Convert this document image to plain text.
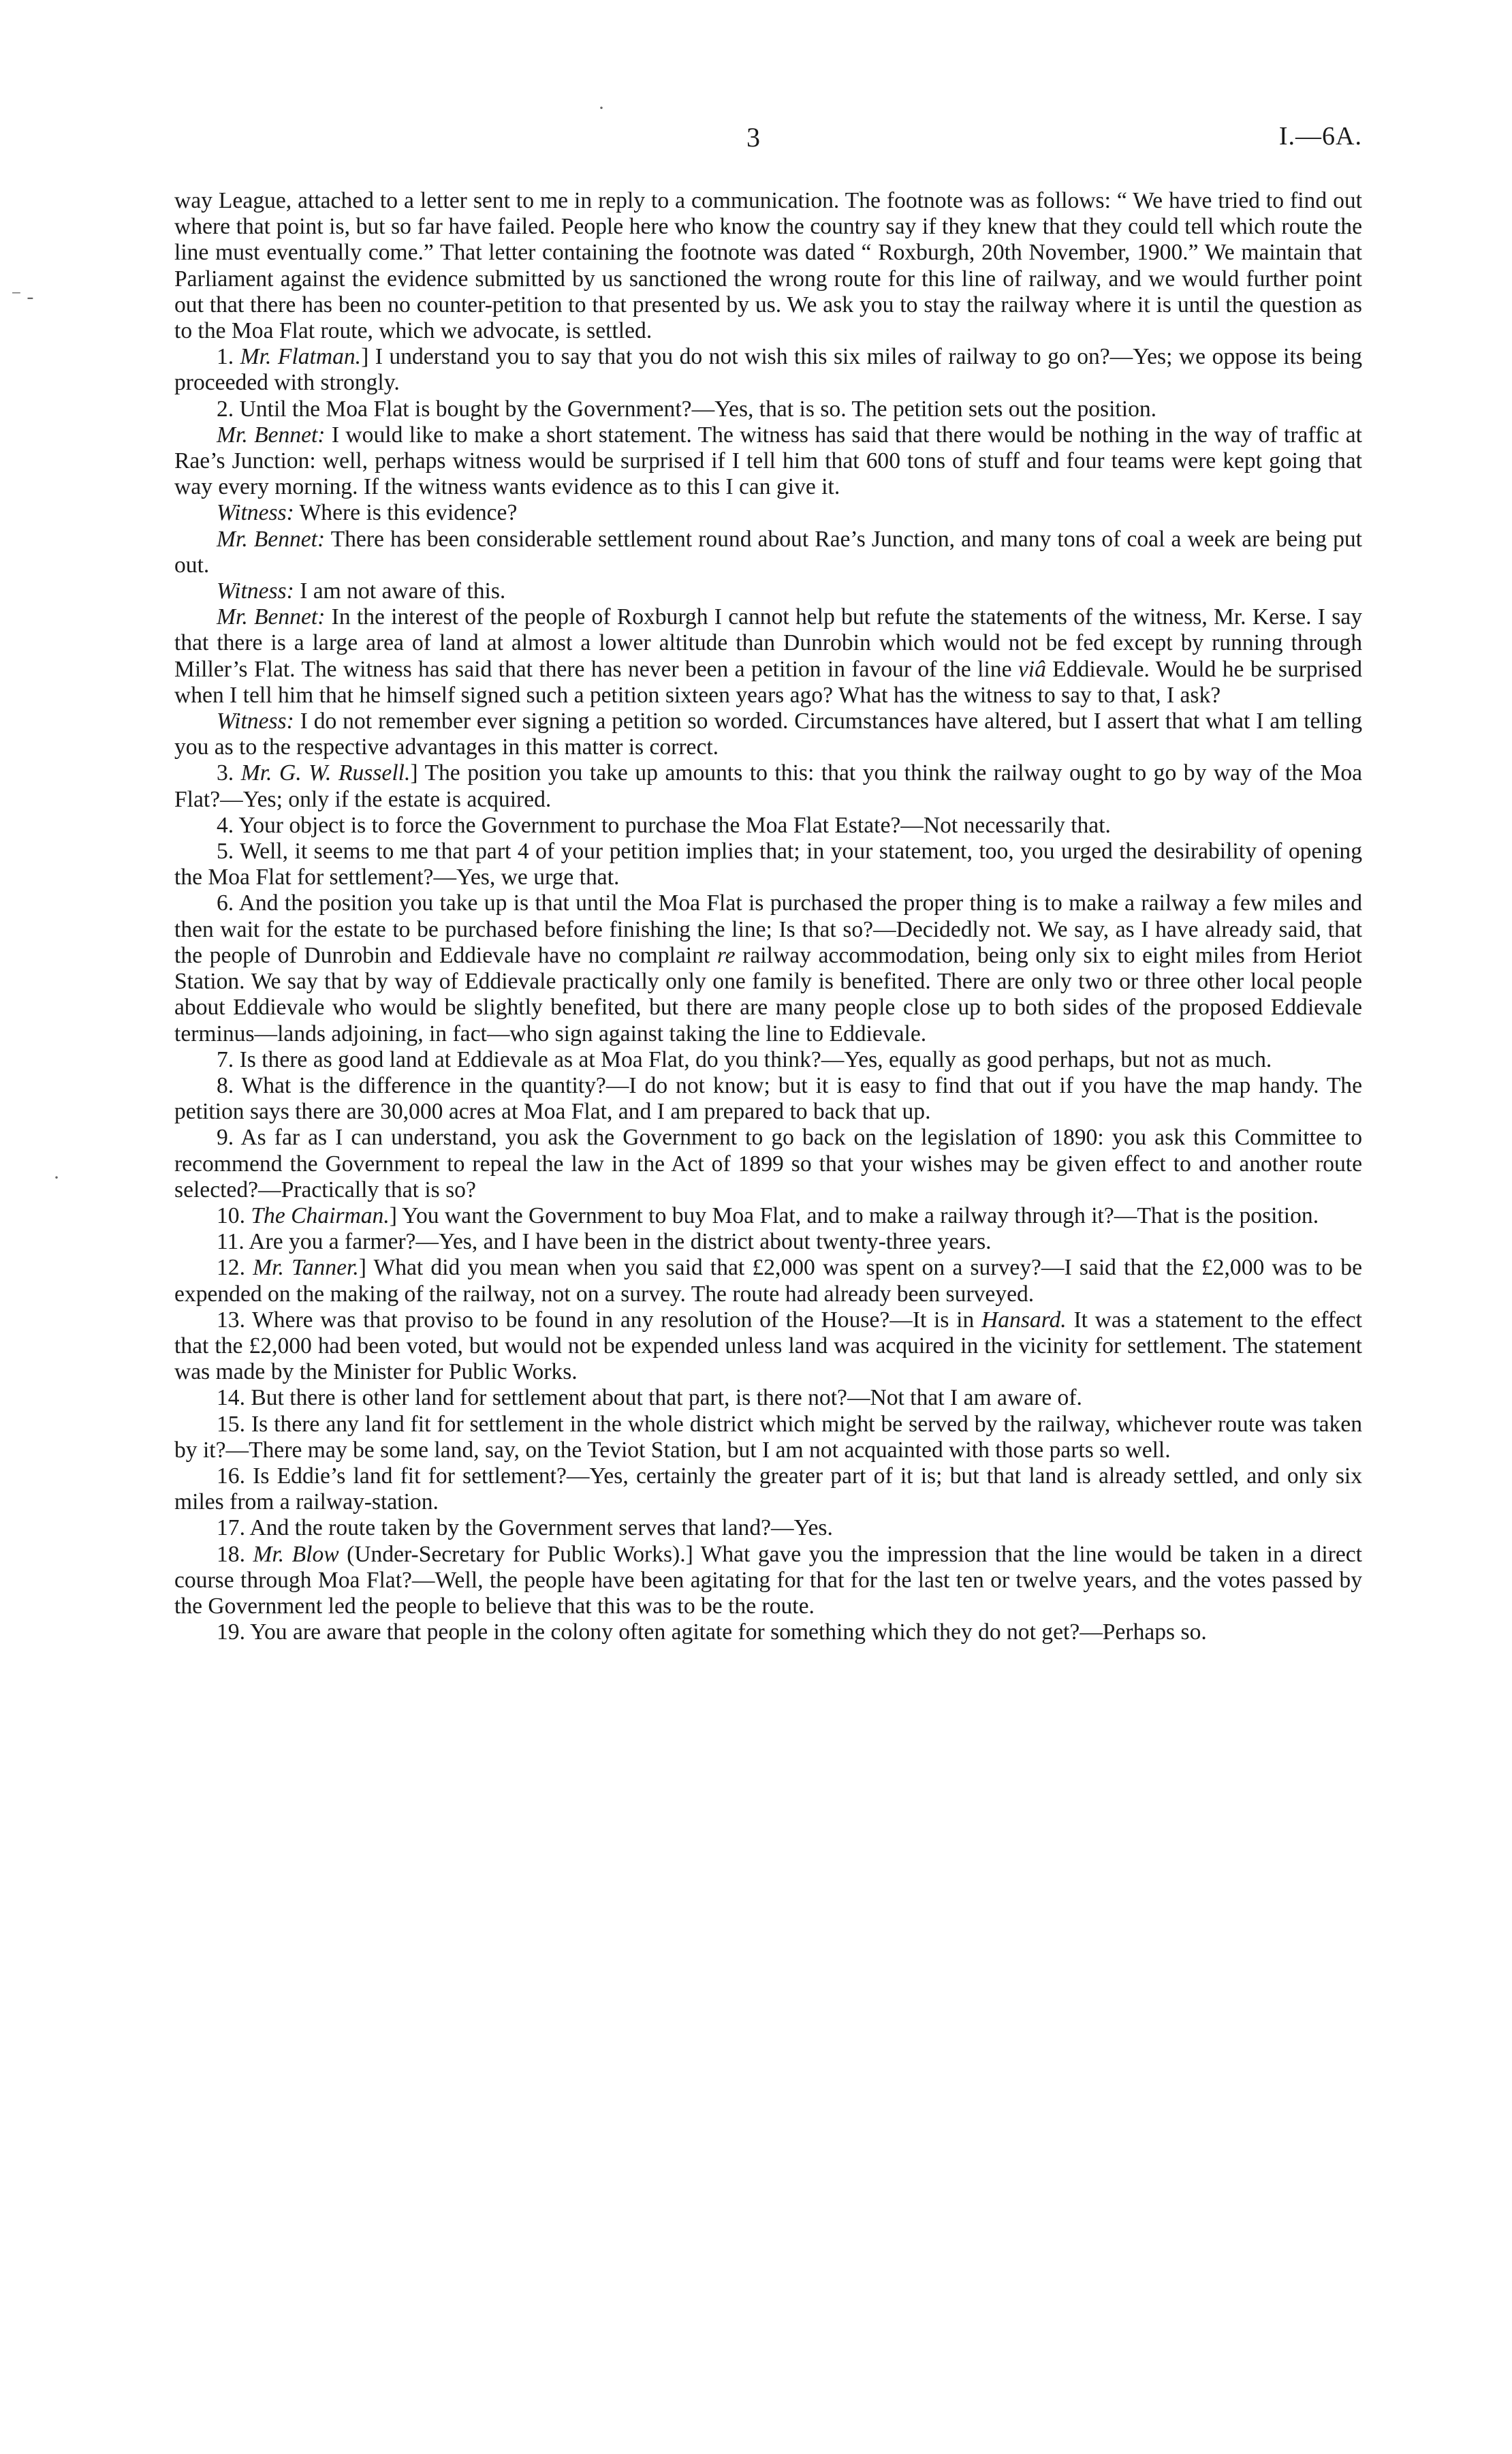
3	I.—6A.
⁻ ‐
·
·

way League, attached to a letter sent to me in reply to a communication. The footnote was as follows: “ We have tried to find out where that point is, but so far have failed. People here who know the country say if they knew that they could tell which route the line must eventually come.” That letter containing the footnote was dated “ Roxburgh, 20th November, 1900.” We maintain that Parliament against the evidence submitted by us sanctioned the wrong route for this line of railway, and we would further point out that there has been no counter-petition to that presented by us. We ask you to stay the railway where it is until the question as to the Moa Flat route, which we advocate, is settled.

1. Mr. Flatman.] I understand you to say that you do not wish this six miles of railway to go on?—Yes; we oppose its being proceeded with strongly.

2. Until the Moa Flat is bought by the Government?—Yes, that is so. The petition sets out the position.

Mr. Bennet: I would like to make a short statement. The witness has said that there would be nothing in the way of traffic at Rae’s Junction: well, perhaps witness would be surprised if I tell him that 600 tons of stuff and four teams were kept going that way every morning. If the witness wants evidence as to this I can give it.

Witness: Where is this evidence?

Mr. Bennet: There has been considerable settlement round about Rae’s Junction, and many tons of coal a week are being put out.

Witness: I am not aware of this.

Mr. Bennet: In the interest of the people of Roxburgh I cannot help but refute the statements of the witness, Mr. Kerse. I say that there is a large area of land at almost a lower altitude than Dunrobin which would not be fed except by running through Miller’s Flat. The witness has said that there has never been a petition in favour of the line viâ Eddievale. Would he be surprised when I tell him that he himself signed such a petition sixteen years ago? What has the witness to say to that, I ask?

Witness: I do not remember ever signing a petition so worded. Circumstances have altered, but I assert that what I am telling you as to the respective advantages in this matter is correct.

3. Mr. G. W. Russell.] The position you take up amounts to this: that you think the railway ought to go by way of the Moa Flat?—Yes; only if the estate is acquired.

4. Your object is to force the Government to purchase the Moa Flat Estate?—Not necessarily that.

5. Well, it seems to me that part 4 of your petition implies that; in your statement, too, you urged the desirability of opening the Moa Flat for settlement?—Yes, we urge that.

6. And the position you take up is that until the Moa Flat is purchased the proper thing is to make a railway a few miles and then wait for the estate to be purchased before finishing the line; Is that so?—Decidedly not. We say, as I have already said, that the people of Dunrobin and Eddievale have no complaint re railway accommodation, being only six to eight miles from Heriot Station. We say that by way of Eddievale practically only one family is benefited. There are only two or three other local people about Eddievale who would be slightly benefited, but there are many people close up to both sides of the proposed Eddievale terminus—lands adjoining, in fact—who sign against taking the line to Eddievale.

7. Is there as good land at Eddievale as at Moa Flat, do you think?—Yes, equally as good perhaps, but not as much.

8. What is the difference in the quantity?—I do not know; but it is easy to find that out if you have the map handy. The petition says there are 30,000 acres at Moa Flat, and I am prepared to back that up.

9. As far as I can understand, you ask the Government to go back on the legislation of 1890: you ask this Committee to recommend the Government to repeal the law in the Act of 1899 so that your wishes may be given effect to and another route selected?—Practically that is so?

10. The Chairman.] You want the Government to buy Moa Flat, and to make a railway through it?—That is the position.

11. Are you a farmer?—Yes, and I have been in the district about twenty-three years.

12. Mr. Tanner.] What did you mean when you said that £2,000 was spent on a survey?—I said that the £2,000 was to be expended on the making of the railway, not on a survey. The route had already been surveyed.

13. Where was that proviso to be found in any resolution of the House?—It is in Hansard. It was a statement to the effect that the £2,000 had been voted, but would not be expended unless land was acquired in the vicinity for settlement. The statement was made by the Minister for Public Works.

14. But there is other land for settlement about that part, is there not?—Not that I am aware of.

15. Is there any land fit for settlement in the whole district which might be served by the railway, whichever route was taken by it?—There may be some land, say, on the Teviot Station, but I am not acquainted with those parts so well.

16. Is Eddie’s land fit for settlement?—Yes, certainly the greater part of it is; but that land is already settled, and only six miles from a railway-station.

17. And the route taken by the Government serves that land?—Yes.

18. Mr. Blow (Under-Secretary for Public Works).] What gave you the impression that the line would be taken in a direct course through Moa Flat?—Well, the people have been agitating for that for the last ten or twelve years, and the votes passed by the Government led the people to believe that this was to be the route.

19. You are aware that people in the colony often agitate for something which they do not get?—Perhaps so.
